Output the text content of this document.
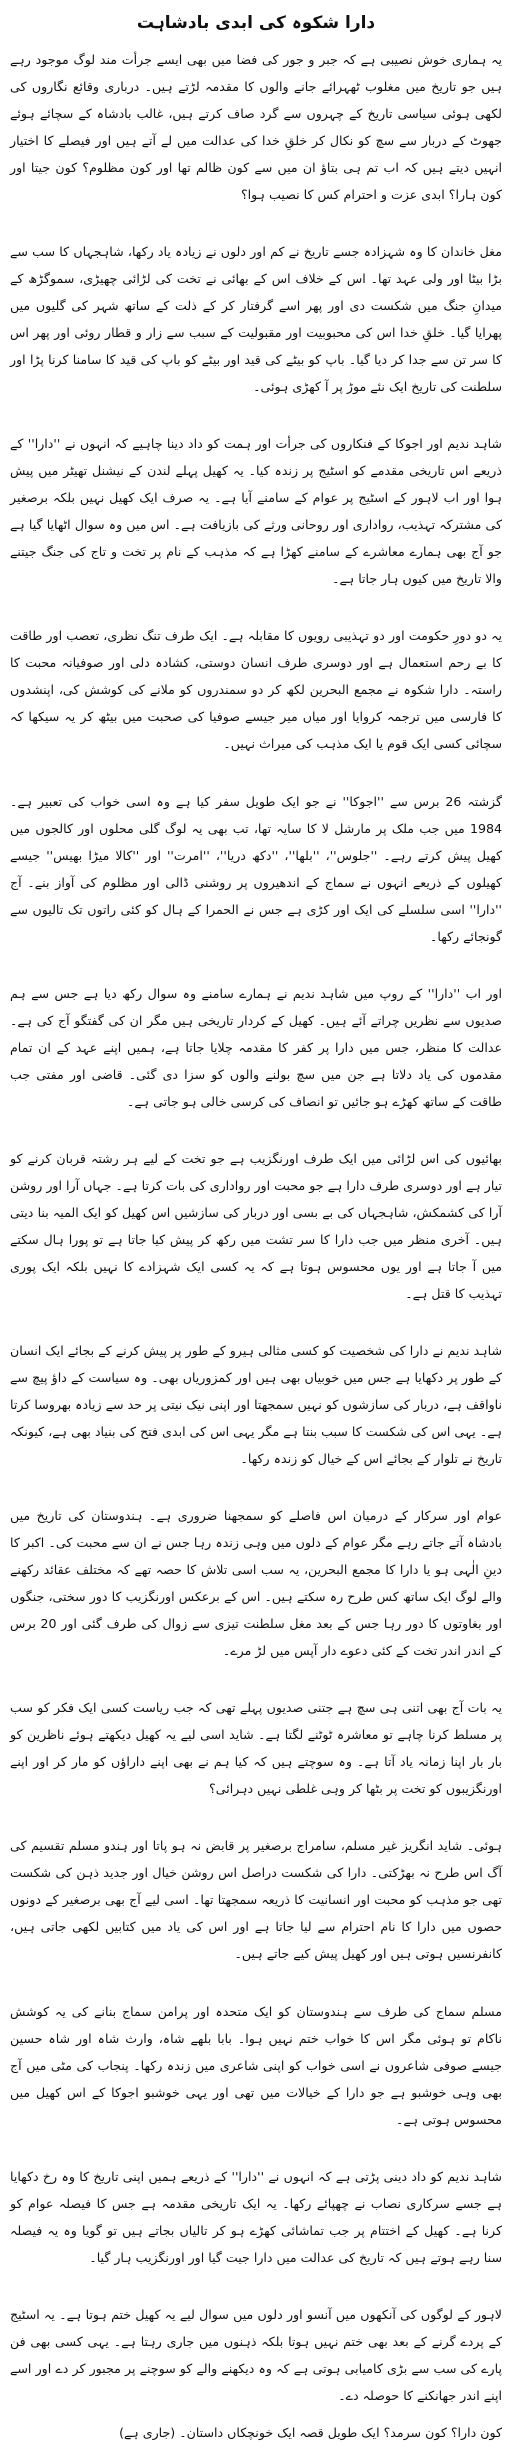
دارا شکوہ کی ابدی بادشاہت

یہ ہماری خوش نصیبی ہے کہ جبر و جور کی فضا میں بھی ایسے جرأت مند لوگ موجود رہے ہیں جو تاریخ میں مغلوب ٹھہرائے جانے والوں کا مقدمہ لڑتے ہیں۔ درباری وقائع نگاروں کی لکھی ہوئی سیاسی تاریخ کے چہروں سے گرد صاف کرتے ہیں، غالب بادشاہ کے سچائے ہوئے جھوٹ کے دربار سے سچ کو نکال کر خلقِ خدا کی عدالت میں لے آتے ہیں اور فیصلے کا اختیار انہیں دیتے ہیں کہ اب تم ہی بتاؤ ان میں سے کون ظالم تھا اور کون مظلوم؟ کون جیتا اور کون ہارا؟ ابدی عزت و احترام کس کا نصیب ہوا؟

مغل خاندان کا وہ شہزادہ جسے تاریخ نے کم اور دلوں نے زیادہ یاد رکھا، شاہجہاں کا سب سے بڑا بیٹا اور ولی عہد تھا۔ اس کے خلاف اس کے بھائی نے تخت کی لڑائی چھیڑی، سموگڑھ کے میدانِ جنگ میں شکست دی اور پھر اسے گرفتار کر کے ذلت کے ساتھ شہر کی گلیوں میں پھرایا گیا۔ خلقِ خدا اس کی محبوبیت اور مقبولیت کے سبب سے زار و قطار روئی اور پھر اس کا سر تن سے جدا کر دیا گیا۔ باپ کو بیٹے کی قید اور بیٹے کو باپ کی قید کا سامنا کرنا پڑا اور سلطنت کی تاریخ ایک نئے موڑ پر آ کھڑی ہوئی۔

شاہد ندیم اور اجوکا کے فنکاروں کی جرأت اور ہمت کو داد دینا چاہیے کہ انہوں نے ''دارا'' کے ذریعے اس تاریخی مقدمے کو اسٹیج پر زندہ کیا۔ یہ کھیل پہلے لندن کے نیشنل تھیٹر میں پیش ہوا اور اب لاہور کے اسٹیج پر عوام کے سامنے آیا ہے۔ یہ صرف ایک کھیل نہیں بلکہ برصغیر کی مشترکہ تہذیب، رواداری اور روحانی ورثے کی بازیافت ہے۔ اس میں وہ سوال اٹھایا گیا ہے جو آج بھی ہمارے معاشرے کے سامنے کھڑا ہے کہ مذہب کے نام پر تخت و تاج کی جنگ جیتنے والا تاریخ میں کیوں ہار جاتا ہے۔

یہ دو دورِ حکومت اور دو تہذیبی رویوں کا مقابلہ ہے۔ ایک طرف تنگ نظری، تعصب اور طاقت کا بے رحم استعمال ہے اور دوسری طرف انسان دوستی، کشادہ دلی اور صوفیانہ محبت کا راستہ۔ دارا شکوہ نے مجمع البحرین لکھ کر دو سمندروں کو ملانے کی کوشش کی، اپنشدوں کا فارسی میں ترجمہ کروایا اور میاں میر جیسے صوفیا کی صحبت میں بیٹھ کر یہ سیکھا کہ سچائی کسی ایک قوم یا ایک مذہب کی میراث نہیں۔

گزشتہ 26 برس سے ''اجوکا'' نے جو ایک طویل سفر کیا ہے وہ اسی خواب کی تعبیر ہے۔ 1984 میں جب ملک پر مارشل لا کا سایہ تھا، تب بھی یہ لوگ گلی محلوں اور کالجوں میں کھیل پیش کرتے رہے۔ ''جلوس''، ''بلھا''، ''دکھ دریا''، ''امرت'' اور ''کالا میڑا بھیس'' جیسے کھیلوں کے ذریعے انہوں نے سماج کے اندھیروں پر روشنی ڈالی اور مظلوم کی آواز بنے۔ آج ''دارا'' اسی سلسلے کی ایک اور کڑی ہے جس نے الحمرا کے ہال کو کئی راتوں تک تالیوں سے گونجائے رکھا۔

اور اب ''دارا'' کے روپ میں شاہد ندیم نے ہمارے سامنے وہ سوال رکھ دیا ہے جس سے ہم صدیوں سے نظریں چراتے آئے ہیں۔ کھیل کے کردار تاریخی ہیں مگر ان کی گفتگو آج کی ہے۔ عدالت کا منظر، جس میں دارا پر کفر کا مقدمہ چلایا جاتا ہے، ہمیں اپنے عہد کے ان تمام مقدموں کی یاد دلاتا ہے جن میں سچ بولنے والوں کو سزا دی گئی۔ قاضی اور مفتی جب طاقت کے ساتھ کھڑے ہو جائیں تو انصاف کی کرسی خالی ہو جاتی ہے۔

بھائیوں کی اس لڑائی میں ایک طرف اورنگزیب ہے جو تخت کے لیے ہر رشتہ قربان کرنے کو تیار ہے اور دوسری طرف دارا ہے جو محبت اور رواداری کی بات کرتا ہے۔ جہاں آرا اور روشن آرا کی کشمکش، شاہجہاں کی بے بسی اور دربار کی سازشیں اس کھیل کو ایک المیہ بنا دیتی ہیں۔ آخری منظر میں جب دارا کا سر تشت میں رکھ کر پیش کیا جاتا ہے تو پورا ہال سکتے میں آ جاتا ہے اور یوں محسوس ہوتا ہے کہ یہ کسی ایک شہزادے کا نہیں بلکہ ایک پوری تہذیب کا قتل ہے۔

شاہد ندیم نے دارا کی شخصیت کو کسی مثالی ہیرو کے طور پر پیش کرنے کے بجائے ایک انسان کے طور پر دکھایا ہے جس میں خوبیاں بھی ہیں اور کمزوریاں بھی۔ وہ سیاست کے داؤ پیچ سے ناواقف ہے، دربار کی سازشوں کو نہیں سمجھتا اور اپنی نیک نیتی پر حد سے زیادہ بھروسا کرتا ہے۔ یہی اس کی شکست کا سبب بنتا ہے مگر یہی اس کی ابدی فتح کی بنیاد بھی ہے، کیونکہ تاریخ نے تلوار کے بجائے اس کے خیال کو زندہ رکھا۔

عوام اور سرکار کے درمیان اس فاصلے کو سمجھنا ضروری ہے۔ ہندوستان کی تاریخ میں بادشاہ آتے جاتے رہے مگر عوام کے دلوں میں وہی زندہ رہا جس نے ان سے محبت کی۔ اکبر کا دینِ الٰہی ہو یا دارا کا مجمع البحرین، یہ سب اسی تلاش کا حصہ تھے کہ مختلف عقائد رکھنے والے لوگ ایک ساتھ کس طرح رہ سکتے ہیں۔ اس کے برعکس اورنگزیب کا دور سختی، جنگوں اور بغاوتوں کا دور رہا جس کے بعد مغل سلطنت تیزی سے زوال کی طرف گئی اور 20 برس کے اندر اندر تخت کے کئی دعوے دار آپس میں لڑ مرے۔

یہ بات آج بھی اتنی ہی سچ ہے جتنی صدیوں پہلے تھی کہ جب ریاست کسی ایک فکر کو سب پر مسلط کرنا چاہے تو معاشرہ ٹوٹنے لگتا ہے۔ شاید اسی لیے یہ کھیل دیکھتے ہوئے ناظرین کو بار بار اپنا زمانہ یاد آتا ہے۔ وہ سوچتے ہیں کہ کیا ہم نے بھی اپنے داراؤں کو مار کر اور اپنے اورنگزیبوں کو تخت پر بٹھا کر وہی غلطی نہیں دہرائی؟

ہوئی۔ شاید انگریز غیر مسلم، سامراج برصغیر پر قابض نہ ہو پاتا اور ہندو مسلم تقسیم کی آگ اس طرح نہ بھڑکتی۔ دارا کی شکست دراصل اس روشن خیال اور جدید ذہن کی شکست تھی جو مذہب کو محبت اور انسانیت کا ذریعہ سمجھتا تھا۔ اسی لیے آج بھی برصغیر کے دونوں حصوں میں دارا کا نام احترام سے لیا جاتا ہے اور اس کی یاد میں کتابیں لکھی جاتی ہیں، کانفرنسیں ہوتی ہیں اور کھیل پیش کیے جاتے ہیں۔

مسلم سماج کی طرف سے ہندوستان کو ایک متحدہ اور پرامن سماج بنانے کی یہ کوشش ناکام تو ہوئی مگر اس کا خواب ختم نہیں ہوا۔ بابا بلھے شاہ، وارث شاہ اور شاہ حسین جیسے صوفی شاعروں نے اسی خواب کو اپنی شاعری میں زندہ رکھا۔ پنجاب کی مٹی میں آج بھی وہی خوشبو ہے جو دارا کے خیالات میں تھی اور یہی خوشبو اجوکا کے اس کھیل میں محسوس ہوتی ہے۔

شاہد ندیم کو داد دینی پڑتی ہے کہ انہوں نے ''دارا'' کے ذریعے ہمیں اپنی تاریخ کا وہ رخ دکھایا ہے جسے سرکاری نصاب نے چھپائے رکھا۔ یہ ایک تاریخی مقدمہ ہے جس کا فیصلہ عوام کو کرنا ہے۔ کھیل کے اختتام پر جب تماشائی کھڑے ہو کر تالیاں بجاتے ہیں تو گویا وہ یہ فیصلہ سنا رہے ہوتے ہیں کہ تاریخ کی عدالت میں دارا جیت گیا اور اورنگزیب ہار گیا۔

لاہور کے لوگوں کی آنکھوں میں آنسو اور دلوں میں سوال لیے یہ کھیل ختم ہوتا ہے۔ یہ اسٹیج کے پردے گرنے کے بعد بھی ختم نہیں ہوتا بلکہ ذہنوں میں جاری رہتا ہے۔ یہی کسی بھی فن پارے کی سب سے بڑی کامیابی ہوتی ہے کہ وہ دیکھنے والے کو سوچنے پر مجبور کر دے اور اسے اپنے اندر جھانکنے کا حوصلہ دے۔

کون دارا؟ کون سرمد؟ ایک طویل قصہ ایک خونچکاں داستان۔ (جاری ہے)
